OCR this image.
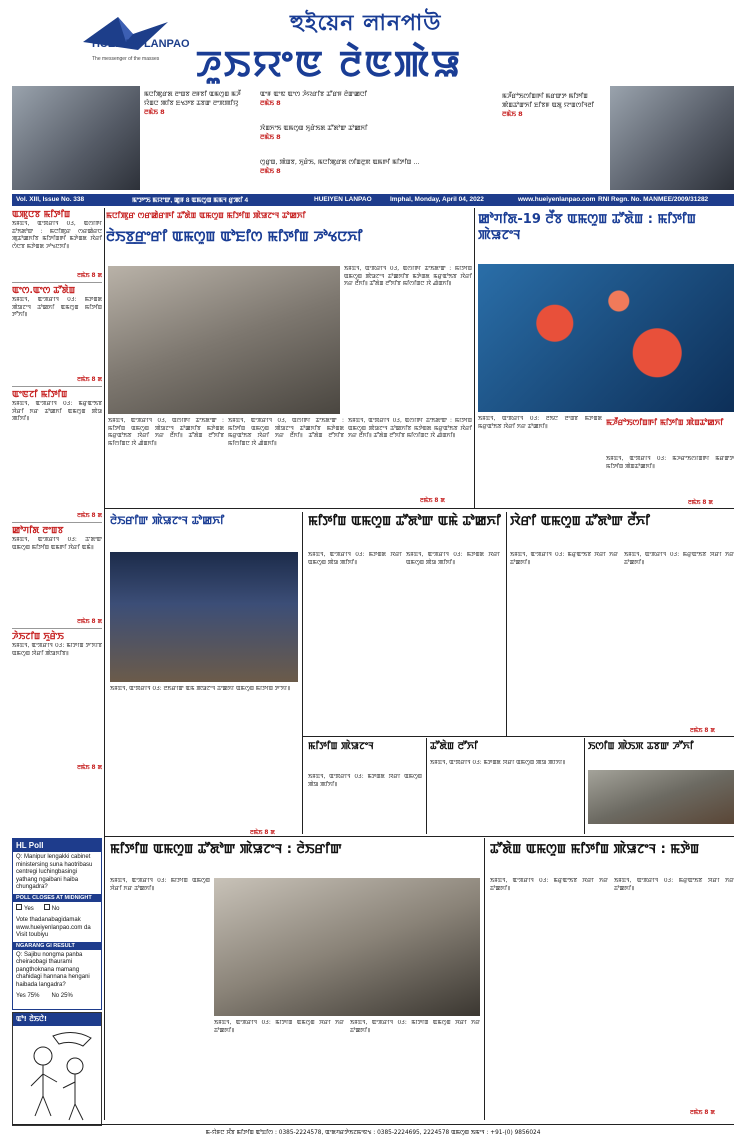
HUEIYEN LANPAO
The messenger of the masses
হুইয়েন লানপাউ
ꯍꯨꯏꯌꯦꯟ ꯂꯥꯟꯄꯥꯎ
ꯃꯅꯤꯄꯨꯔꯗ ꯂꯦꯡꯕ ꯂꯝꯕꯤ ꯑꯃꯁꯨꯡ ꯃꯍꯩ ꯌꯥꯡꯅ ꯄꯤꯕ ꯐꯠꯇꯕ ꯊꯕꯛ ꯂꯦꯞꯄꯤꯌꯨ
ꯂꯃꯥꯏ 8
ꯑꯦꯝ ꯑꯦꯟ ꯑꯦꯁ ꯍꯥꯌꯔꯤꯕ ꯊꯧꯔꯝ ꯂꯥꯛꯀꯅꯤ
ꯂꯃꯥꯏ 8
ꯋꯥꯡꯈꯦꯏ ꯑꯃꯁꯨꯡ ꯈꯨꯔꯥꯏꯗ ꯊꯧꯗꯣꯛ ꯊꯣꯀꯈꯤ
ꯂꯃꯥꯏ 8
ꯁꯨꯔꯨꯡ, ꯄꯥꯡꯕ, ꯈꯨꯔꯥꯏ, ꯃꯅꯤꯄꯨꯔꯗ ꯁꯤꯡꯂꯨꯞ ꯑꯃꯒꯤ ꯃꯤꯇꯤꯡ ...
ꯂꯃꯥꯏ 8
ꯃꯍꯩꯔꯣꯏꯁꯤꯡꯒꯤ ꯃꯔꯛꯇ ꯃꯤꯇꯤꯡ ꯄꯥꯡꯊꯣꯛꯈꯤ ꯐꯤꯕꯝ ꯑꯗꯨ ꯌꯦꯡꯁꯤꯜꯂꯤ
ꯂꯃꯥꯏ 8
Vol. XIII, Issue No. 338	ꯃꯦꯇꯦꯏ ꯃꯌꯦꯛ, ꯀꯨꯝ 8 ꯑꯃꯁꯨꯡ ꯃꯃꯜ ꯔꯨꯄꯤ 4	HUEIYEN LANPAO	Imphal, Monday, April 04, 2022	www.hueiyenlanpao.com RNI Regn. No. MANMEE/2009/31282
ꯑꯄꯨꯅꯕ ꯃꯤꯇꯤꯡ
ꯏꯝꯐꯥꯜ, ꯑꯦꯞꯔꯤꯜ 03, ꯑꯁꯤꯒꯤ ꯊꯣꯏꯗꯣꯛ : ꯃꯅꯤꯄꯨꯔ ꯁꯔꯀꯥꯔꯅ ꯄꯨꯊꯣꯀꯈꯤꯕ ꯃꯤꯇꯤꯡꯒꯤ ꯃꯇꯥꯡꯗ ꯋꯥꯔꯤ ꯁꯥꯅꯕ ꯃꯇꯥꯡꯗ ꯍꯣꯠꯅꯈꯤ꯫
ꯂꯃꯥꯏ 8 ꯗ
ꯑꯦꯁ.ꯑꯦꯁ ꯊꯧꯗꯥꯡ
ꯏꯝꯐꯥꯜ, ꯑꯦꯞꯔꯤꯜ 03: ꯃꯇꯥꯡꯗ ꯄꯥꯎꯖꯦꯜ ꯊꯣꯀꯈꯤ ꯑꯃꯁꯨꯡ ꯃꯤꯇꯤꯡ ꯇꯧꯈꯤ꯫
ꯂꯃꯥꯏ 8 ꯗ
ꯑꯦꯟꯖꯤ ꯃꯤꯇꯤꯡ
ꯏꯝꯐꯥꯜ, ꯑꯦꯞꯔꯤꯜ 03: ꯃꯔꯨꯑꯣꯏꯕ ꯋꯥꯔꯤ ꯈꯔ ꯊꯣꯀꯈꯤ ꯑꯃꯁꯨꯡ ꯄꯥꯎ ꯄꯤꯈꯤ꯫
ꯂꯃꯥꯏ 8 ꯗ
ꯀꯣꯚꯤꯗ ꯂꯦꯡꯕ
ꯏꯝꯐꯥꯜ, ꯑꯦꯞꯔꯤꯜ 03: ꯊꯧꯗꯣꯛ ꯑꯃꯁꯨꯡ ꯃꯤꯇꯤꯡ ꯑꯃꯒꯤ ꯋꯥꯔꯤ ꯑꯃꯥ꯫
ꯂꯃꯥꯏ 8 ꯗ
ꯍꯥꯏꯖꯤꯡ ꯈꯨꯔꯥꯏ
ꯏꯝꯐꯥꯜ, ꯑꯦꯞꯔꯤꯜ 03: ꯃꯤꯇꯤꯡ ꯇꯧꯈꯤꯕ ꯑꯃꯁꯨꯡ ꯋꯥꯔꯤ ꯄꯥꯎꯈꯤꯕ꯫
ꯂꯃꯥꯏ 8 ꯗ
HL Poll
Q: Manipur lengakki cabinet ministersing suna haotribasu centregi luchingbasingi yathang ngaibani haiba chungadra?
POLL CLOSES AT MIDNIGHT
Yes	No
Vote thadanabagidamak www.hueiyenlanpao.com da Visit toubiyu
NGARANG GI RESULT
Q: Sajibu nongma panba cheiraobagi thaurami pangthoknana mamang chahidagi hannana hengani haibada langadra?
Yes 75% No 25%
ꯑꯣ! ꯂꯥꯏꯅꯥ!
ꯃꯅꯤꯄꯨꯔ ꯁꯔꯀꯥꯔꯒꯤ ꯊꯧꯗꯥꯡ ꯑꯃꯁꯨꯡ ꯃꯤꯇꯤꯡ ꯄꯥꯎꯖꯦꯜ ꯊꯣꯀꯈꯤ
ꯂꯥꯏꯕ꯭ꯔꯦꯔꯤ ꯑꯃꯁꯨꯡ ꯑꯣꯐꯤꯁ ꯃꯤꯇꯤꯡ ꯍꯣꯠꯅꯈꯤ
ꯏꯝꯐꯥꯜ, ꯑꯦꯞꯔꯤꯜ 03, ꯑꯁꯤꯒꯤ ꯊꯣꯏꯗꯣꯛ : ꯃꯤꯇꯤꯡ ꯑꯃꯁꯨꯡ ꯄꯥꯎꯖꯦꯜ ꯊꯣꯀꯈꯤꯕ ꯃꯇꯥꯡꯗ ꯃꯔꯨꯑꯣꯏꯕ ꯋꯥꯔꯤ ꯈꯔ ꯂꯩꯈꯤ꯫ ꯊꯧꯗꯥꯡ ꯂꯧꯈꯤꯕ ꯃꯤꯁꯤꯡꯅ ꯋꯥ ꯉꯥꯡꯈꯤ꯫
ꯏꯝꯐꯥꯜ, ꯑꯦꯞꯔꯤꯜ 03, ꯑꯁꯤꯒꯤ ꯊꯣꯏꯗꯣꯛ : ꯃꯤꯇꯤꯡ ꯑꯃꯁꯨꯡ ꯄꯥꯎꯖꯦꯜ ꯊꯣꯀꯈꯤꯕ ꯃꯇꯥꯡꯗ ꯃꯔꯨꯑꯣꯏꯕ ꯋꯥꯔꯤ ꯈꯔ ꯂꯩꯈꯤ꯫ ꯊꯧꯗꯥꯡ ꯂꯧꯈꯤꯕ ꯃꯤꯁꯤꯡꯅ ꯋꯥ ꯉꯥꯡꯈꯤ꯫
ꯏꯝꯐꯥꯜ, ꯑꯦꯞꯔꯤꯜ 03, ꯑꯁꯤꯒꯤ ꯊꯣꯏꯗꯣꯛ : ꯃꯤꯇꯤꯡ ꯑꯃꯁꯨꯡ ꯄꯥꯎꯖꯦꯜ ꯊꯣꯀꯈꯤꯕ ꯃꯇꯥꯡꯗ ꯃꯔꯨꯑꯣꯏꯕ ꯋꯥꯔꯤ ꯈꯔ ꯂꯩꯈꯤ꯫ ꯊꯧꯗꯥꯡ ꯂꯧꯈꯤꯕ ꯃꯤꯁꯤꯡꯅ ꯋꯥ ꯉꯥꯡꯈꯤ꯫
ꯏꯝꯐꯥꯜ, ꯑꯦꯞꯔꯤꯜ 03, ꯑꯁꯤꯒꯤ ꯊꯣꯏꯗꯣꯛ : ꯃꯤꯇꯤꯡ ꯑꯃꯁꯨꯡ ꯄꯥꯎꯖꯦꯜ ꯊꯣꯀꯈꯤꯕ ꯃꯇꯥꯡꯗ ꯃꯔꯨꯑꯣꯏꯕ ꯋꯥꯔꯤ ꯈꯔ ꯂꯩꯈꯤ꯫ ꯊꯧꯗꯥꯡ ꯂꯧꯈꯤꯕ ꯃꯤꯁꯤꯡꯅ ꯋꯥ ꯉꯥꯡꯈꯤ꯫
ꯂꯃꯥꯏ 8 ꯗ
ꯀꯣꯚꯤꯗ-19 ꯂꯩꯕ ꯑꯃꯁꯨꯡ ꯊꯧꯗꯥꯡ : ꯃꯤꯇꯤꯡ ꯄꯥꯎꯖꯦꯜ
ꯏꯝꯐꯥꯜ, ꯑꯦꯞꯔꯤꯜ 03: ꯂꯥꯏꯅꯥ ꯂꯦꯡꯕ ꯃꯇꯥꯡꯗ ꯃꯔꯨꯑꯣꯏꯕ ꯋꯥꯔꯤ ꯈꯔ ꯊꯣꯀꯈꯤ꯫	ꯃꯍꯩꯔꯣꯏꯁꯤꯡꯒꯤ ꯃꯤꯇꯤꯡ ꯄꯥꯡꯊꯣꯀꯈꯤ
ꯏꯝꯐꯥꯜ, ꯑꯦꯞꯔꯤꯜ 03: ꯃꯍꯩꯔꯣꯏꯁꯤꯡꯒꯤ ꯃꯔꯛꯇ ꯃꯤꯇꯤꯡ ꯄꯥꯡꯊꯣꯀꯈꯤ꯫
ꯂꯃꯥꯏ 8 ꯗ
ꯂꯥꯏꯔꯤꯛ ꯄꯥꯎꯖꯦꯜ ꯊꯣꯀꯈꯤ
ꯏꯝꯐꯥꯜ, ꯑꯦꯞꯔꯤꯜ 03: ꯂꯥꯏꯔꯤꯛ ꯑꯃꯥ ꯄꯥꯎꯖꯦꯜ ꯊꯣꯀꯈꯤ ꯑꯃꯁꯨꯡ ꯃꯤꯇꯤꯡ ꯇꯧꯈꯤ꯫
ꯂꯃꯥꯏ 8 ꯗ
ꯃꯤꯇꯤꯡ ꯑꯃꯁꯨꯡ ꯊꯧꯗꯣꯛ ꯑꯃꯥ ꯊꯣꯀꯈꯤ
ꯏꯝꯐꯥꯜ, ꯑꯦꯞꯔꯤꯜ 03: ꯃꯇꯥꯡꯗ ꯋꯥꯔꯤ ꯑꯃꯁꯨꯡ ꯄꯥꯎ ꯄꯤꯈꯤ꯫
ꯏꯝꯐꯥꯜ, ꯑꯦꯞꯔꯤꯜ 03: ꯃꯇꯥꯡꯗ ꯋꯥꯔꯤ ꯑꯃꯁꯨꯡ ꯄꯥꯎ ꯄꯤꯈꯤ꯫
ꯋꯥꯔꯤ ꯑꯃꯁꯨꯡ ꯊꯧꯗꯣꯛ ꯂꯩꯈꯤ
ꯏꯝꯐꯥꯜ, ꯑꯦꯞꯔꯤꯜ 03: ꯃꯔꯨꯑꯣꯏꯕ ꯋꯥꯔꯤ ꯈꯔ ꯊꯣꯀꯈꯤ꯫
ꯏꯝꯐꯥꯜ, ꯑꯦꯞꯔꯤꯜ 03: ꯃꯔꯨꯑꯣꯏꯕ ꯋꯥꯔꯤ ꯈꯔ ꯊꯣꯀꯈꯤ꯫
ꯂꯃꯥꯏ 8 ꯗ
ꯃꯤꯇꯤꯡ ꯄꯥꯎꯖꯦꯜ
ꯏꯝꯐꯥꯜ, ꯑꯦꯞꯔꯤꯜ 03: ꯃꯇꯥꯡꯗ ꯋꯥꯔꯤ ꯑꯃꯁꯨꯡ ꯄꯥꯎ ꯄꯤꯈꯤ꯫
ꯊꯧꯗꯥꯡ ꯂꯧꯈꯤ
ꯏꯝꯐꯥꯜ, ꯑꯦꯞꯔꯤꯜ 03: ꯃꯇꯥꯡꯗ ꯋꯥꯔꯤ ꯑꯃꯁꯨꯡ ꯄꯥꯎ ꯄꯤꯈꯤ꯫
ꯏꯁꯤꯡ ꯄꯥꯏꯞ ꯊꯕꯛ ꯍꯧꯈꯤ
ꯃꯤꯇꯤꯡ ꯑꯃꯁꯨꯡ ꯊꯧꯗꯣꯛ ꯄꯥꯎꯖꯦꯜ : ꯂꯥꯏꯔꯤꯛ
ꯏꯝꯐꯥꯜ, ꯑꯦꯞꯔꯤꯜ 03: ꯃꯤꯇꯤꯡ ꯑꯃꯁꯨꯡ ꯋꯥꯔꯤ ꯈꯔ ꯊꯣꯀꯈꯤ꯫
ꯏꯝꯐꯥꯜ, ꯑꯦꯞꯔꯤꯜ 03: ꯃꯤꯇꯤꯡ ꯑꯃꯁꯨꯡ ꯋꯥꯔꯤ ꯈꯔ ꯊꯣꯀꯈꯤ꯫
ꯏꯝꯐꯥꯜ, ꯑꯦꯞꯔꯤꯜ 03: ꯃꯤꯇꯤꯡ ꯑꯃꯁꯨꯡ ꯋꯥꯔꯤ ꯈꯔ ꯊꯣꯀꯈꯤ꯫
ꯊꯧꯗꯥꯡ ꯑꯃꯁꯨꯡ ꯃꯤꯇꯤꯡ ꯄꯥꯎꯖꯦꯜ : ꯃꯇꯥꯡ
ꯏꯝꯐꯥꯜ, ꯑꯦꯞꯔꯤꯜ 03: ꯃꯔꯨꯑꯣꯏꯕ ꯋꯥꯔꯤ ꯈꯔ ꯊꯣꯀꯈꯤ꯫
ꯏꯝꯐꯥꯜ, ꯑꯦꯞꯔꯤꯜ 03: ꯃꯔꯨꯑꯣꯏꯕ ꯋꯥꯔꯤ ꯈꯔ ꯊꯣꯀꯈꯤ꯫
ꯂꯃꯥꯏ 8 ꯗ
ꯃ-ꯌꯥꯝꯅ ꯆꯪꯕ ꯃꯤꯇꯤꯡ ꯑꯣꯐꯤꯁ : 0385-2224578, ꯑꯦꯗꯚꯔꯇꯥꯏꯖꯃꯦꯟꯠ : 0385-2224695, 2224578 ꯑꯃꯁꯨꯡ ꯏꯃꯦꯜ : +91-(0) 9856024
